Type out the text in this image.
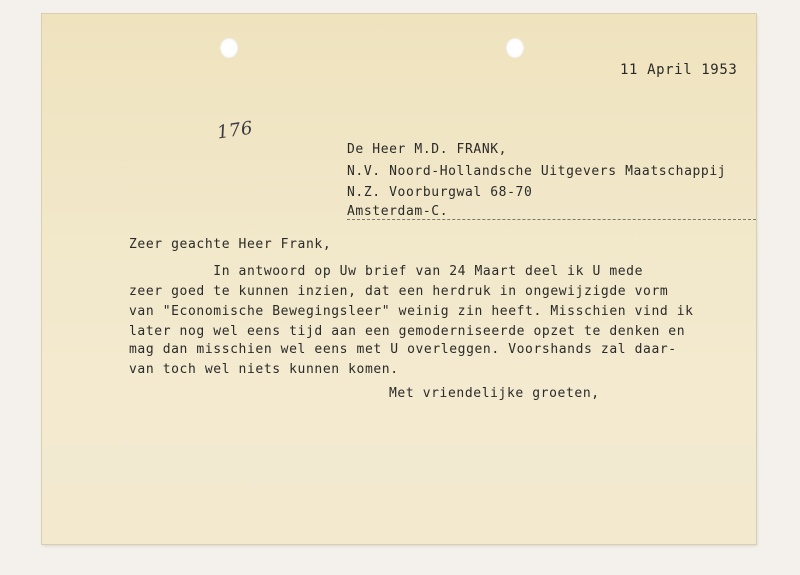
11 April 1953
176
De Heer M.D. FRANK,
N.V. Noord-Hollandsche Uitgevers Maatschappij
N.Z. Voorburgwal 68-70
Amsterdam-C.
Zeer geachte Heer Frank,
In antwoord op Uw brief van 24 Maart deel ik U mede
zeer goed te kunnen inzien, dat een herdruk in ongewijzigde vorm
van "Economische Bewegingsleer" weinig zin heeft. Misschien vind ik
later nog wel eens tijd aan een gemoderniseerde opzet te denken en
mag dan misschien wel eens met U overleggen. Voorshands zal daar-
van toch wel niets kunnen komen.
Met vriendelijke groeten,
